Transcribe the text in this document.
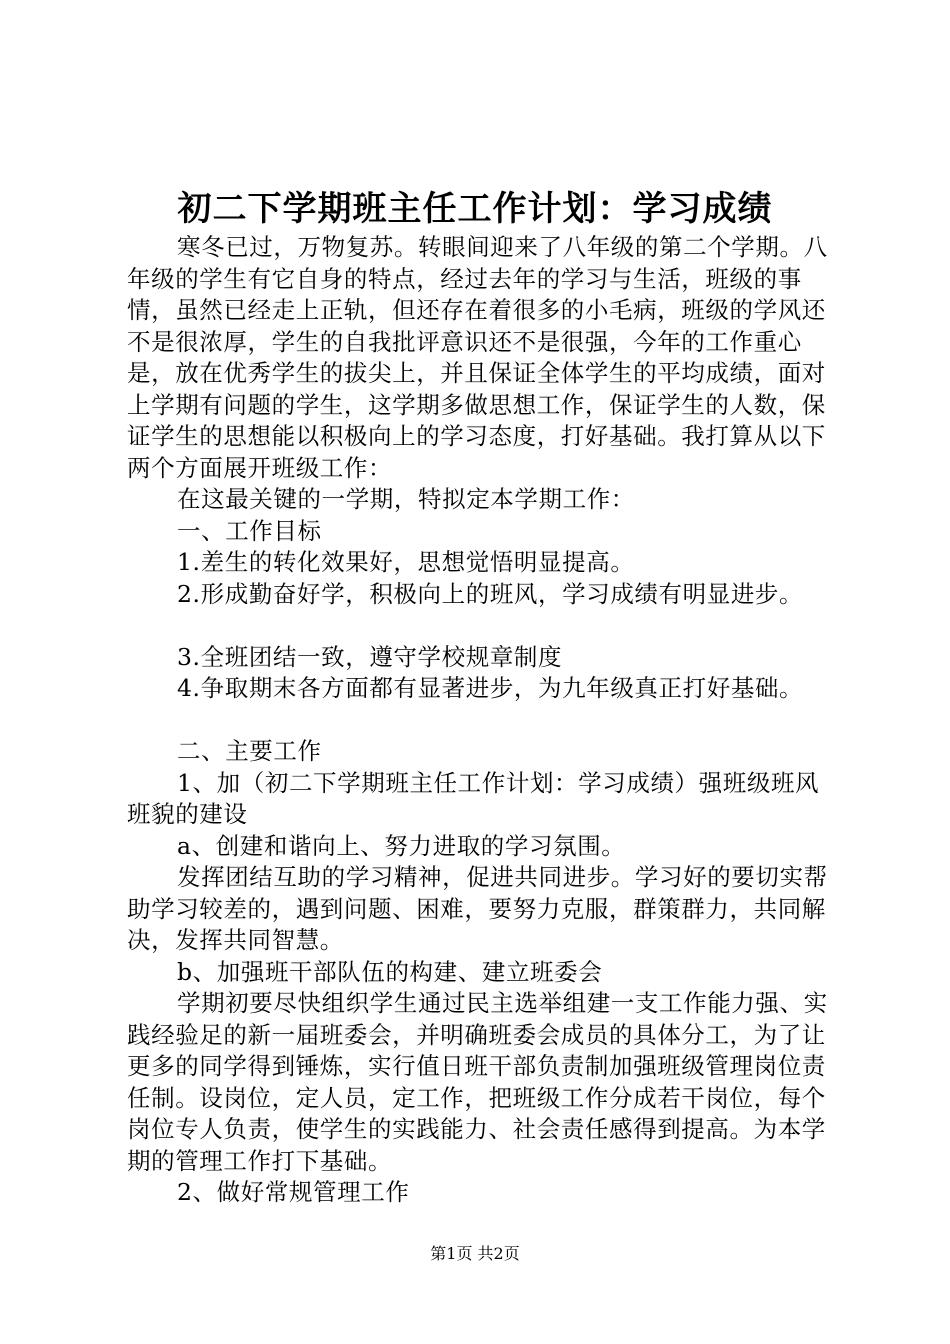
初二下学期班主任工作计划：学习成绩

寒冬已过，万物复苏。转眼间迎来了八年级的第二个学期。八年级的学生有它自身的特点，经过去年的学习与生活，班级的事情，虽然已经走上正轨，但还存在着很多的小毛病，班级的学风还不是很浓厚，学生的自我批评意识还不是很强，今年的工作重心是，放在优秀学生的拔尖上，并且保证全体学生的平均成绩，面对上学期有问题的学生，这学期多做思想工作，保证学生的人数，保证学生的思想能以积极向上的学习态度，打好基础。我打算从以下两个方面展开班级工作：

在这最关键的一学期，特拟定本学期工作：

一、工作目标

1.差生的转化效果好，思想觉悟明显提高。

2.形成勤奋好学，积极向上的班风，学习成绩有明显进步。

3.全班团结一致，遵守学校规章制度

4.争取期末各方面都有显著进步，为九年级真正打好基础。

二、主要工作

1、加（初二下学期班主任工作计划：学习成绩）强班级班风班貌的建设

a、创建和谐向上、努力进取的学习氛围。

发挥团结互助的学习精神，促进共同进步。学习好的要切实帮助学习较差的，遇到问题、困难，要努力克服，群策群力，共同解决，发挥共同智慧。

b、加强班干部队伍的构建、建立班委会

学期初要尽快组织学生通过民主选举组建一支工作能力强、实践经验足的新一届班委会，并明确班委会成员的具体分工，为了让更多的同学得到锤炼，实行值日班干部负责制加强班级管理岗位责任制。设岗位，定人员，定工作，把班级工作分成若干岗位，每个岗位专人负责，使学生的实践能力、社会责任感得到提高。为本学期的管理工作打下基础。

2、做好常规管理工作

第1页 共2页
